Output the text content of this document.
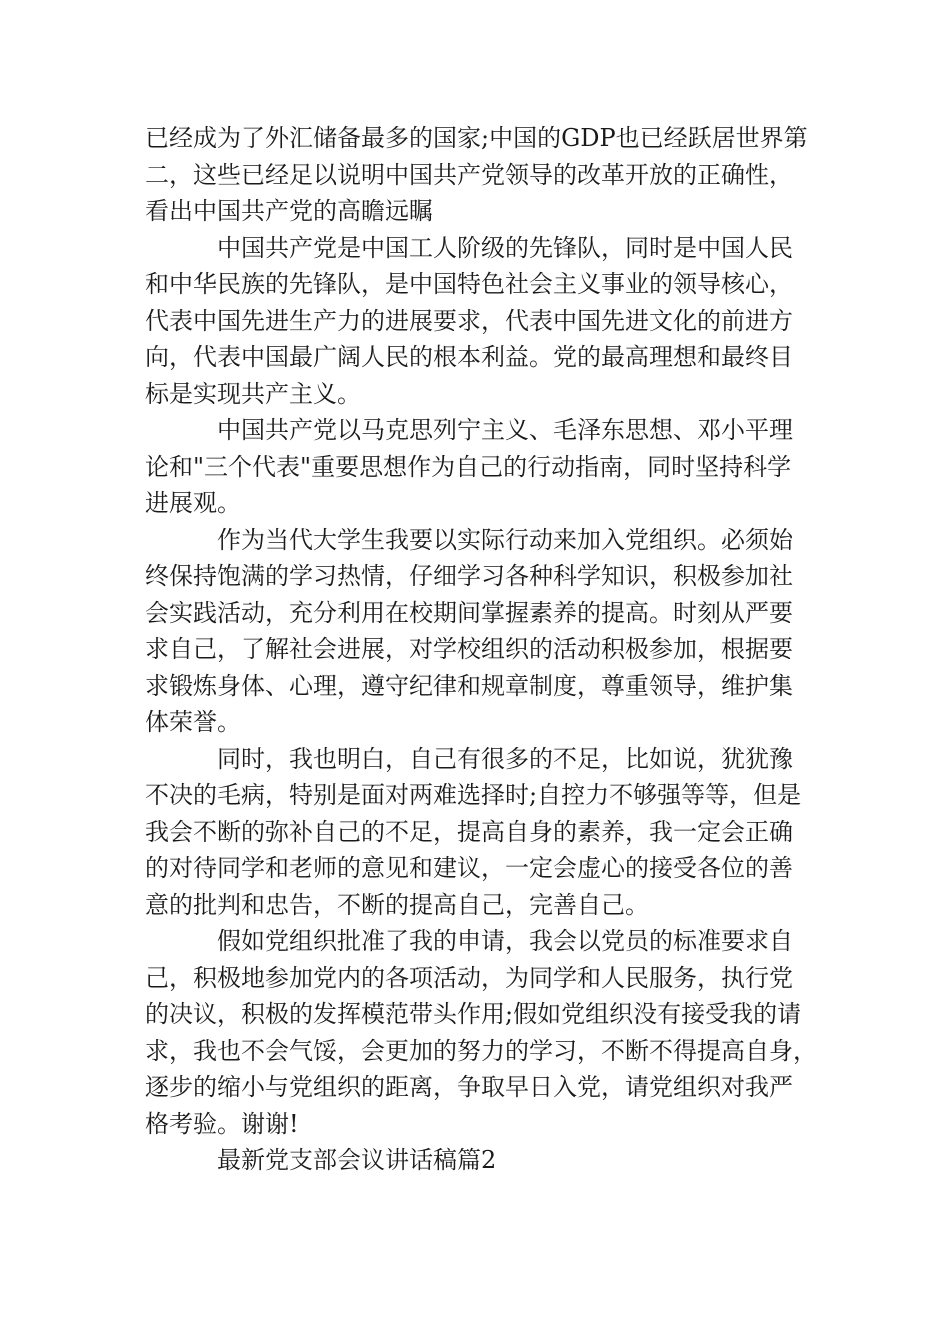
已经成为了外汇储备最多的国家;中国的GDP也已经跃居世界第
二，这些已经足以说明中国共产党领导的改革开放的正确性，
看出中国共产党的高瞻远瞩

中国共产党是中国工人阶级的先锋队，同时是中国人民
和中华民族的先锋队，是中国特色社会主义事业的领导核心，
代表中国先进生产力的进展要求，代表中国先进文化的前进方
向，代表中国最广阔人民的根本利益。党的最高理想和最终目
标是实现共产主义。

中国共产党以马克思列宁主义、毛泽东思想、邓小平理
论和"三个代表"重要思想作为自己的行动指南，同时坚持科学
进展观。

作为当代大学生我要以实际行动来加入党组织。必须始
终保持饱满的学习热情，仔细学习各种科学知识，积极参加社
会实践活动，充分利用在校期间掌握素养的提高。时刻从严要
求自己，了解社会进展，对学校组织的活动积极参加，根据要
求锻炼身体、心理，遵守纪律和规章制度，尊重领导，维护集
体荣誉。

同时，我也明白，自己有很多的不足，比如说，犹犹豫
不决的毛病，特别是面对两难选择时;自控力不够强等等，但是
我会不断的弥补自己的不足，提高自身的素养，我一定会正确
的对待同学和老师的意见和建议，一定会虚心的接受各位的善
意的批判和忠告，不断的提高自己，完善自己。

假如党组织批准了我的申请，我会以党员的标准要求自
己，积极地参加党内的各项活动，为同学和人民服务，执行党
的决议，积极的发挥模范带头作用;假如党组织没有接受我的请
求，我也不会气馁，会更加的努力的学习，不断不得提高自身，
逐步的缩小与党组织的距离，争取早日入党，请党组织对我严
格考验。谢谢!

最新党支部会议讲话稿篇2
